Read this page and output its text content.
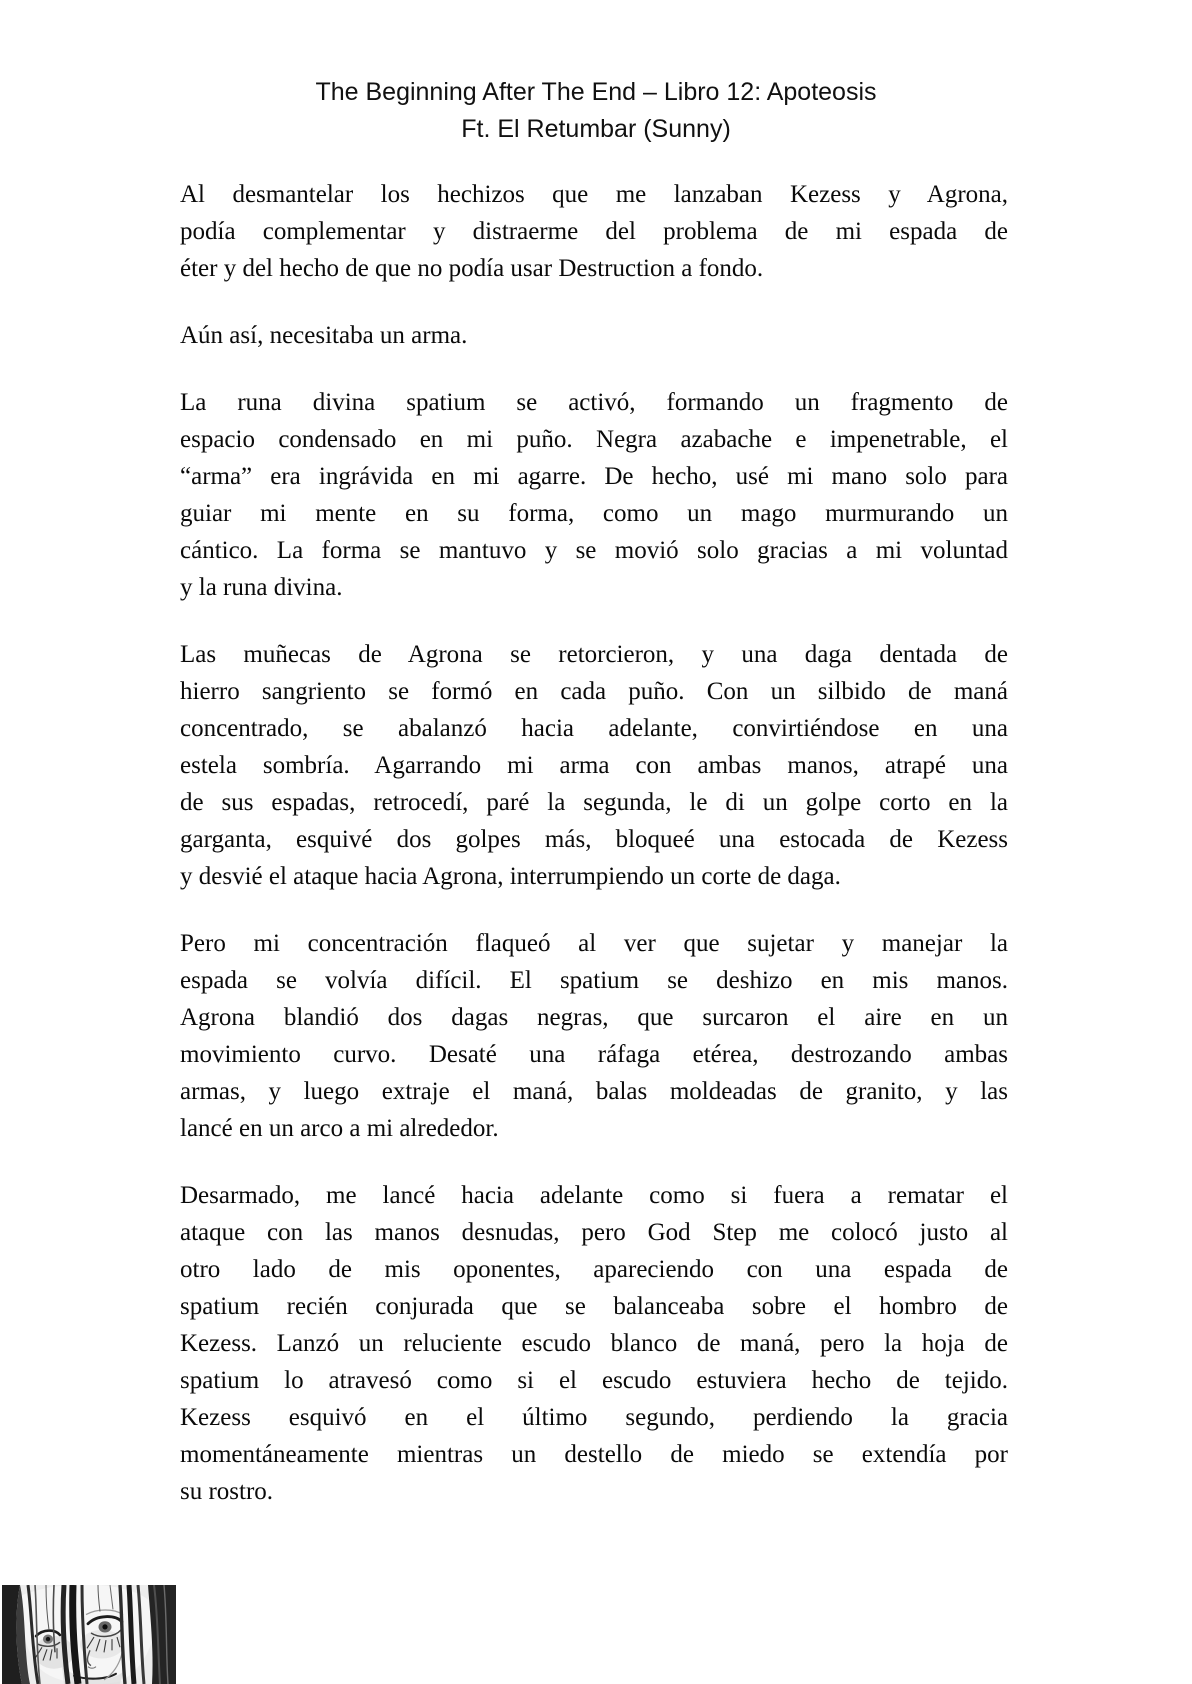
The Beginning After The End – Libro 12: Apoteosis
Ft. El Retumbar (Sunny)
Al desmantelar los hechizos que me lanzaban Kezess y Agrona,
podía complementar y distraerme del problema de mi espada de
éter y del hecho de que no podía usar Destruction a fondo.
Aún así, necesitaba un arma.
La runa divina spatium se activó, formando un fragmento de
espacio condensado en mi puño. Negra azabache e impenetrable, el
“arma” era ingrávida en mi agarre. De hecho, usé mi mano solo para
guiar mi mente en su forma, como un mago murmurando un
cántico. La forma se mantuvo y se movió solo gracias a mi voluntad
y la runa divina.
Las muñecas de Agrona se retorcieron, y una daga dentada de
hierro sangriento se formó en cada puño. Con un silbido de maná
concentrado, se abalanzó hacia adelante, convirtiéndose en una
estela sombría. Agarrando mi arma con ambas manos, atrapé una
de sus espadas, retrocedí, paré la segunda, le di un golpe corto en la
garganta, esquivé dos golpes más, bloqueé una estocada de Kezess
y desvié el ataque hacia Agrona, interrumpiendo un corte de daga.
Pero mi concentración flaqueó al ver que sujetar y manejar la
espada se volvía difícil. El spatium se deshizo en mis manos.
Agrona blandió dos dagas negras, que surcaron el aire en un
movimiento curvo. Desaté una ráfaga etérea, destrozando ambas
armas, y luego extraje el maná, balas moldeadas de granito, y las
lancé en un arco a mi alrededor.
Desarmado, me lancé hacia adelante como si fuera a rematar el
ataque con las manos desnudas, pero God Step me colocó justo al
otro lado de mis oponentes, apareciendo con una espada de
spatium recién conjurada que se balanceaba sobre el hombro de
Kezess. Lanzó un reluciente escudo blanco de maná, pero la hoja de
spatium lo atravesó como si el escudo estuviera hecho de tejido.
Kezess esquivó en el último segundo, perdiendo la gracia
momentáneamente mientras un destello de miedo se extendía por
su rostro.
